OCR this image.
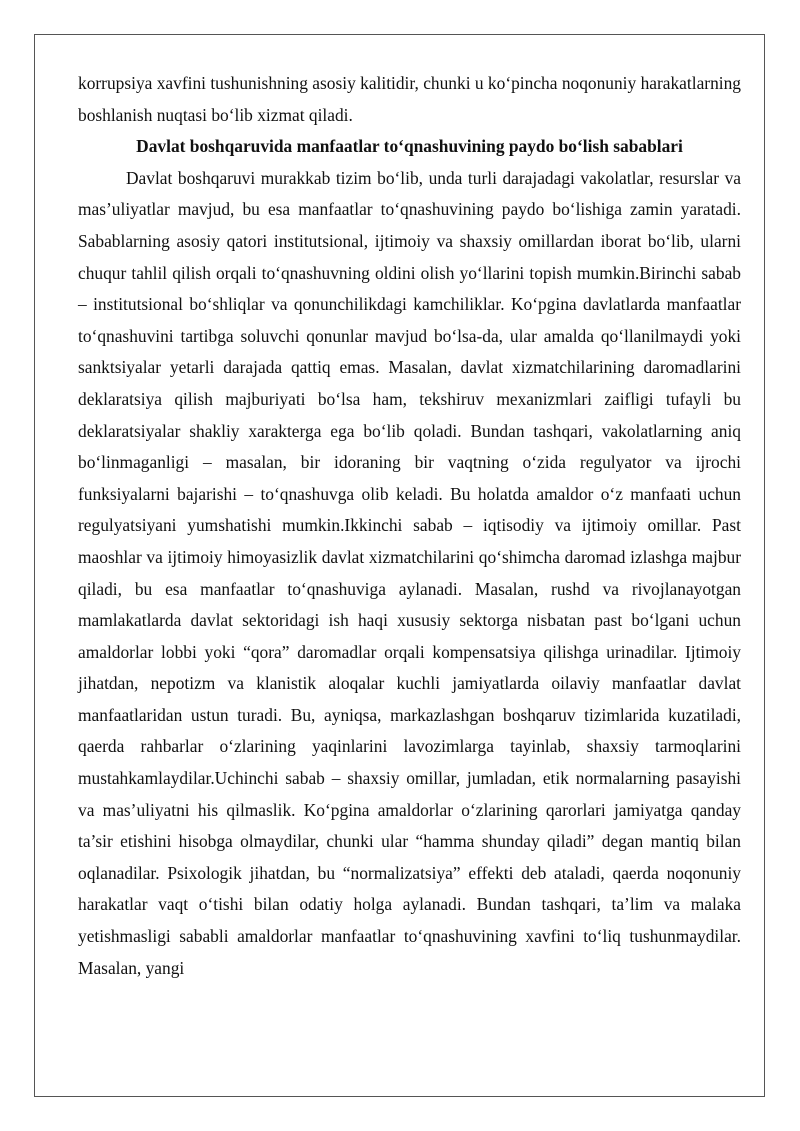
korrupsiya xavfini tushunishning asosiy kalitidir, chunki u ko‘pincha noqonuniy harakatlarning boshlanish nuqtasi bo‘lib xizmat qiladi.

Davlat boshqaruvida manfaatlar to‘qnashuvining paydo bo‘lish sabablari

Davlat boshqaruvi murakkab tizim bo‘lib, unda turli darajadagi vakolatlar, resurslar va mas’uliyatlar mavjud, bu esa manfaatlar to‘qnashuvining paydo bo‘lishiga zamin yaratadi. Sabablarning asosiy qatori institutsional, ijtimoiy va shaxsiy omillardan iborat bo‘lib, ularni chuqur tahlil qilish orqali to‘qnashuvning oldini olish yo‘llarini topish mumkin.Birinchi sabab – institutsional bo‘shliqlar va qonunchilikdagi kamchiliklar. Ko‘pgina davlatlarda manfaatlar to‘qnashuvini tartibga soluvchi qonunlar mavjud bo‘lsa-da, ular amalda qo‘llanilmaydi yoki sanktsiyalar yetarli darajada qattiq emas. Masalan, davlat xizmatchilarining daromadlarini deklaratsiya qilish majburiyati bo‘lsa ham, tekshiruv mexanizmlari zaifligi tufayli bu deklaratsiyalar shakliy xarakterga ega bo‘lib qoladi. Bundan tashqari, vakolatlarning aniq bo‘linmaganligi – masalan, bir idoraning bir vaqtning o‘zida regulyator va ijrochi funksiyalarni bajarishi – to‘qnashuvga olib keladi. Bu holatda amaldor o‘z manfaati uchun regulyatsiyani yumshatishi mumkin.Ikkinchi sabab – iqtisodiy va ijtimoiy omillar. Past maoshlar va ijtimoiy himoyasizlik davlat xizmatchilarini qo‘shimcha daromad izlashga majbur qiladi, bu esa manfaatlar to‘qnashuviga aylanadi. Masalan, rushd va rivojlanayotgan mamlakatlarda davlat sektoridagi ish haqi xususiy sektorga nisbatan past bo‘lgani uchun amaldorlar lobbi yoki “qora” daromadlar orqali kompensatsiya qilishga urinadilar. Ijtimoiy jihatdan, nepotizm va klanistik aloqalar kuchli jamiyatlarda oilaviy manfaatlar davlat manfaatlaridan ustun turadi. Bu, ayniqsa, markazlashgan boshqaruv tizimlarida kuzatiladi, qaerda rahbarlar o‘zlarining yaqinlarini lavozimlarga tayinlab, shaxsiy tarmoqlarini mustahkamlaydilar.Uchinchi sabab – shaxsiy omillar, jumladan, etik normalarning pasayishi va mas’uliyatni his qilmaslik. Ko‘pgina amaldorlar o‘zlarining qarorlari jamiyatga qanday ta’sir etishini hisobga olmaydilar, chunki ular “hamma shunday qiladi” degan mantiq bilan oqlanadilar. Psixologik jihatdan, bu “normalizatsiya” effekti deb ataladi, qaerda noqonuniy harakatlar vaqt o‘tishi bilan odatiy holga aylanadi. Bundan tashqari, ta’lim va malaka yetishmasligi sababli amaldorlar manfaatlar to‘qnashuvining xavfini to‘liq tushunmaydilar. Masalan, yangi
